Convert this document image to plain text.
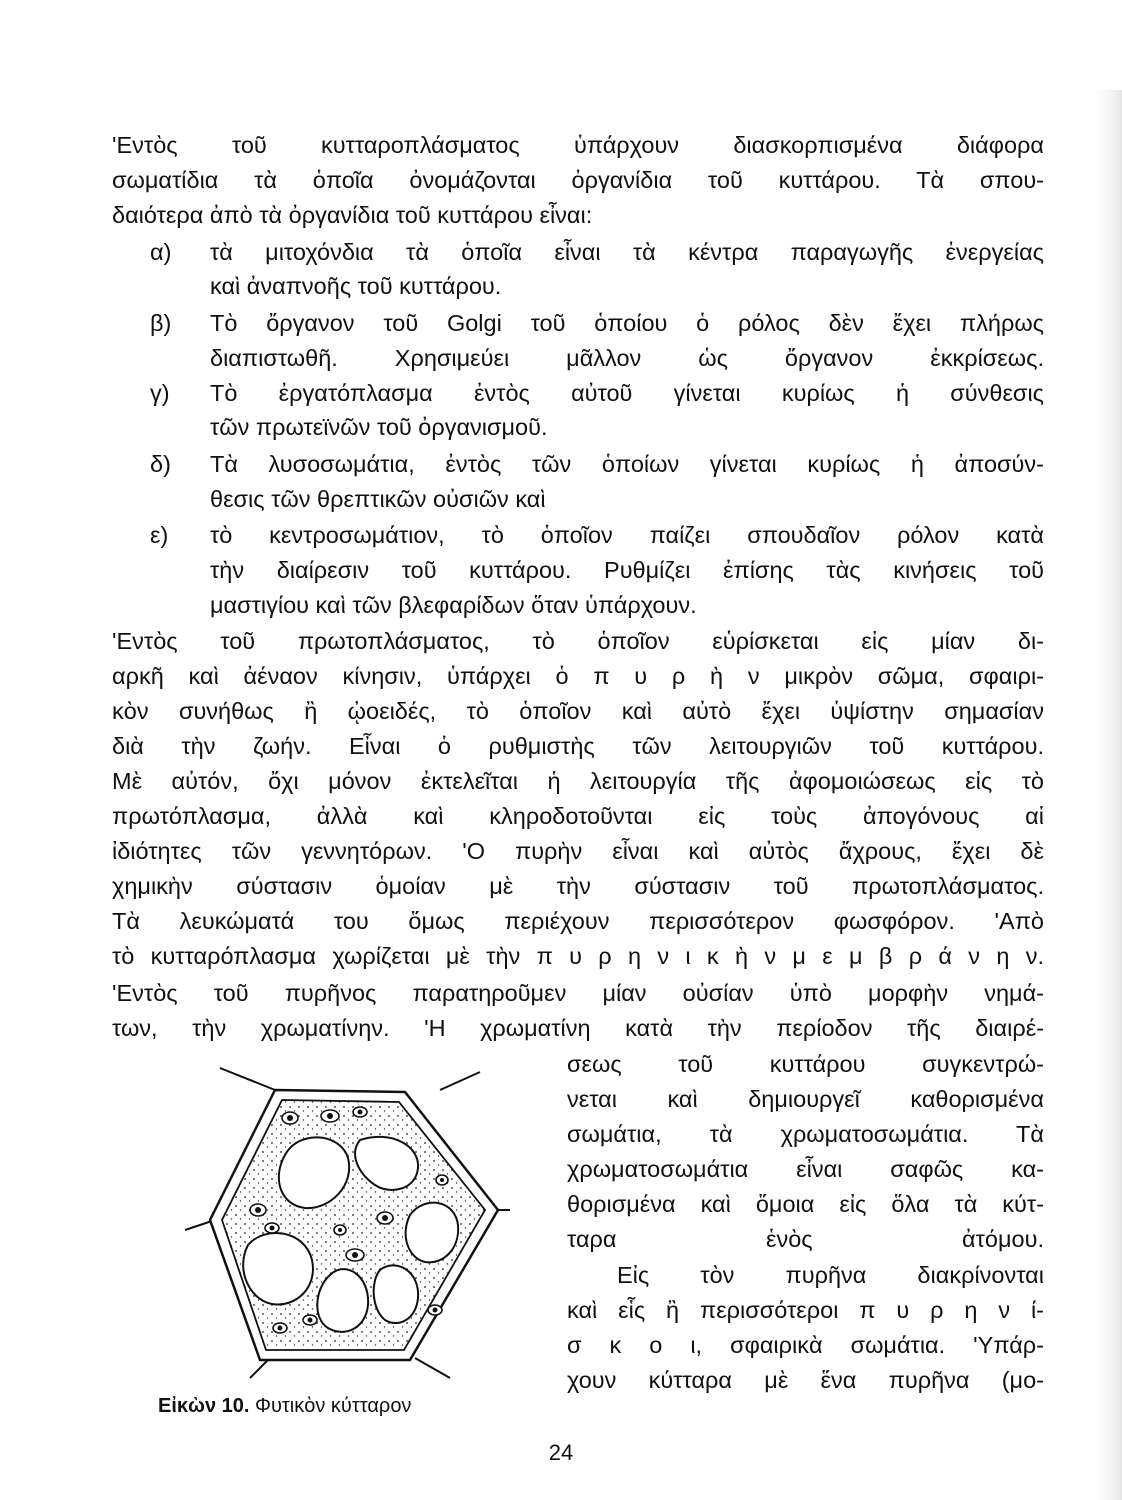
'Εντὸς τοῦ κυτταροπλάσματος ὑπάρχουν διασκορπισμένα διάφορα
σωματίδια τὰ ὁποῖα ὀνομάζονται ὀργανίδια τοῦ κυττάρου. Τὰ σπου-
δαιότερα ἀπὸ τὰ ὀργανίδια τοῦ κυττάρου εἶναι:
α) τὰ μιτοχόνδια τὰ ὁποῖα εἶναι τὰ κέντρα παραγωγῆς ἐνεργείας
καὶ ἀναπνοῆς τοῦ κυττάρου.
β) Τὸ ὄργανον τοῦ Golgi τοῦ ὁποίου ὁ ρόλος δὲν ἔχει πλήρως
διαπιστωθῆ. Χρησιμεύει μᾶλλον ὡς ὄργανον ἐκκρίσεως.
γ) Τὸ ἐργατόπλασμα ἐντὸς αὐτοῦ γίνεται κυρίως ἡ σύνθεσις
τῶν πρωτεϊνῶν τοῦ ὀργανισμοῦ.
δ) Τὰ λυσοσωμάτια, ἐντὸς τῶν ὁποίων γίνεται κυρίως ἡ ἀποσύν-
θεσις τῶν θρεπτικῶν οὐσιῶν καὶ
ε) τὸ κεντροσωμάτιον, τὸ ὁποῖον παίζει σπουδαῖον ρόλον κατὰ
τὴν διαίρεσιν τοῦ κυττάρου. Ρυθμίζει ἐπίσης τὰς κινήσεις τοῦ
μαστιγίου καὶ τῶν βλεφαρίδων ὅταν ὑπάρχουν.
'Εντὸς τοῦ πρωτοπλάσματος, τὸ ὁποῖον εὑρίσκεται εἰς μίαν δι-
αρκῆ καὶ ἀέναον κίνησιν, ὑπάρχει ὁ π υ ρ ὴ ν μικρὸν σῶμα, σφαιρι-
κὸν συνήθως ἢ ᾠοειδές, τὸ ὁποῖον καὶ αὐτὸ ἔχει ὑψίστην σημασίαν
διὰ τὴν ζωήν. Εἶναι ὁ ρυθμιστὴς τῶν λειτουργιῶν τοῦ κυττάρου.
Μὲ αὐτόν, ὄχι μόνον ἐκτελεῖται ἡ λειτουργία τῆς ἀφομοιώσεως εἰς τὸ
πρωτόπλασμα, ἀλλὰ καὶ κληροδοτοῦνται εἰς τοὺς ἀπογόνους αἱ
ἰδιότητες τῶν γεννητόρων. 'Ο πυρὴν εἶναι καὶ αὐτὸς ἄχρους, ἔχει δὲ
χημικὴν σύστασιν ὁμοίαν μὲ τὴν σύστασιν τοῦ πρωτοπλάσματος.
Τὰ λευκώματά του ὅμως περιέχουν περισσότερον φωσφόρον. 'Απὸ
τὸ κυτταρόπλασμα χωρίζεται μὲ τὴν π υ ρ η ν ι κ ὴ ν μ ε μ β ρ ά ν η ν.
'Εντὸς τοῦ πυρῆνος παρατηροῦμεν μίαν οὐσίαν ὑπὸ μορφὴν νημά-
των, τὴν χρωματίνην. 'Η χρωματίνη κατὰ τὴν περίοδον τῆς διαιρέ-
σεως τοῦ κυττάρου συγκεντρώ-
νεται καὶ δημιουργεῖ καθορισμένα
σωμάτια, τὰ χρωματοσωμάτια. Τὰ
χρωματοσωμάτια εἶναι σαφῶς κα-
θορισμένα καὶ ὅμοια εἰς ὅλα τὰ κύτ-
ταρα ἑνὸς ἀτόμου.
Εἰς τὸν πυρῆνα διακρίνονται
καὶ εἷς ἢ περισσότεροι π υ ρ η ν ί-
σ κ ο ι, σφαιρικὰ σωμάτια. 'Υπάρ-
χουν κύτταρα μὲ ἕνα πυρῆνα (μο-
Εἰκὼν 10. Φυτικὸν κύτταρον
24
